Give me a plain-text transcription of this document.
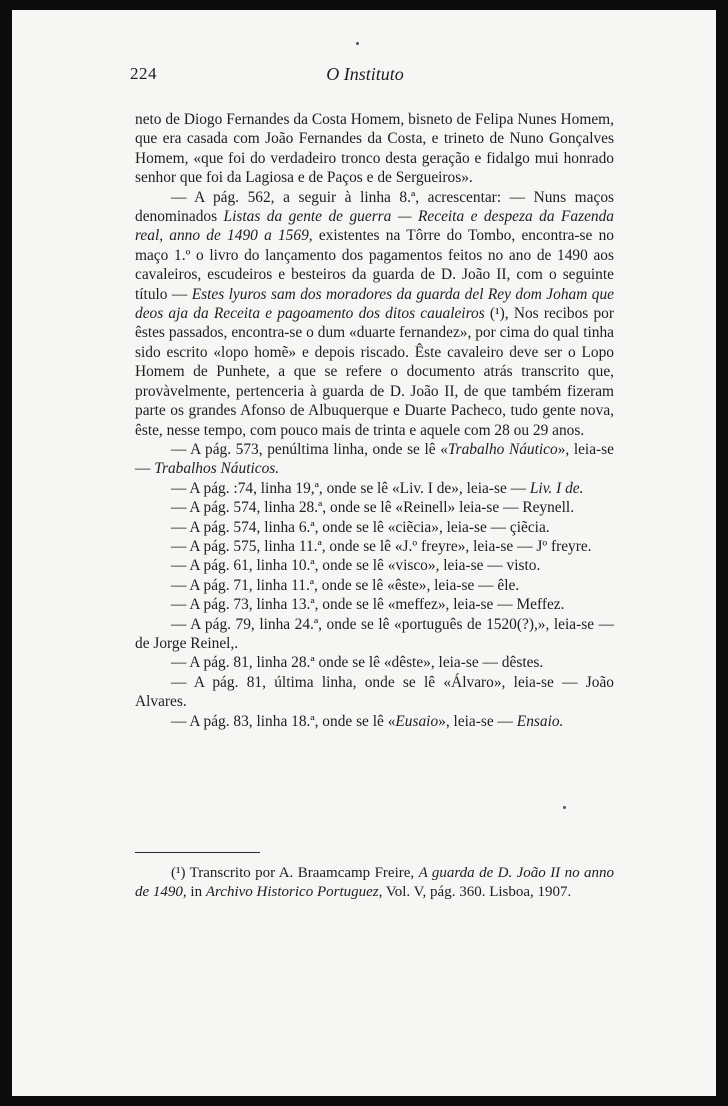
224	O Instituto

neto de Diogo Fernandes da Costa Homem, bisneto de Felipa Nunes Homem, que era casada com João Fernandes da Costa, e trineto de Nuno Gonçalves Homem, «que foi do verdadeiro tronco desta geração e fidalgo mui honrado senhor que foi da Lagiosa e de Paços e de Sergueiros».

— A pág. 562, a seguir à linha 8.ª, acrescentar: — Nuns maços denominados Listas da gente de guerra — Receita e despeza da Fazenda real, anno de 1490 a 1569, existentes na Tôrre do Tombo, encontra-se no maço 1.º o livro do lançamento dos pagamentos feitos no ano de 1490 aos cavaleiros, escudeiros e besteiros da guarda de D. João II, com o seguinte título — Estes lyuros sam dos moradores da guarda del Rey dom Joham que deos aja da Receita e pagoamento dos ditos caualeiros (¹), Nos recibos por êstes passados, encontra-se o dum «duarte fernandez», por cima do qual tinha sido escrito «lopo homẽ» e depois riscado. Êste cavaleiro deve ser o Lopo Homem de Punhete, a que se refere o documento atrás transcrito que, provàvelmente, pertenceria à guarda de D. João II, de que também fizeram parte os grandes Afonso de Albuquerque e Duarte Pacheco, tudo gente nova, êste, nesse tempo, com pouco mais de trinta e aquele com 28 ou 29 anos.

— A pág. 573, penúltima linha, onde se lê «Trabalho Náutico», leia-se — Trabalhos Náuticos.

— A pág. :74, linha 19,ª, onde se lê «Liv. I de», leia-se — Liv. I de.

— A pág. 574, linha 28.ª, onde se lê «Reinell» leia-se — Reynell.

— A pág. 574, linha 6.ª, onde se lê «ciẽcia», leia-se — çiẽcia.

— A pág. 575, linha 11.ª, onde se lê «J.º freyre», leia-se — Jº freyre.

— A pág. 61, linha 10.ª, onde se lê «visco», leia-se — visto.

— A pág. 71, linha 11.ª, onde se lê «êste», leia-se — êle.

— A pág. 73, linha 13.ª, onde se lê «meffez», leia-se — Meffez.

— A pág. 79, linha 24.ª, onde se lê «português de 1520(?),», leia-se — de Jorge Reinel,.

— A pág. 81, linha 28.ª onde se lê «dêste», leia-se — dêstes.

— A pág. 81, última linha, onde se lê «Álvaro», leia-se — João Alvares.

— A pág. 83, linha 18.ª, onde se lê «Eusaio», leia-se — Ensaio.

(¹) Transcrito por A. Braamcamp Freire, A guarda de D. João II no anno de 1490, in Archivo Historico Portuguez, Vol. V, pág. 360. Lisboa, 1907.
